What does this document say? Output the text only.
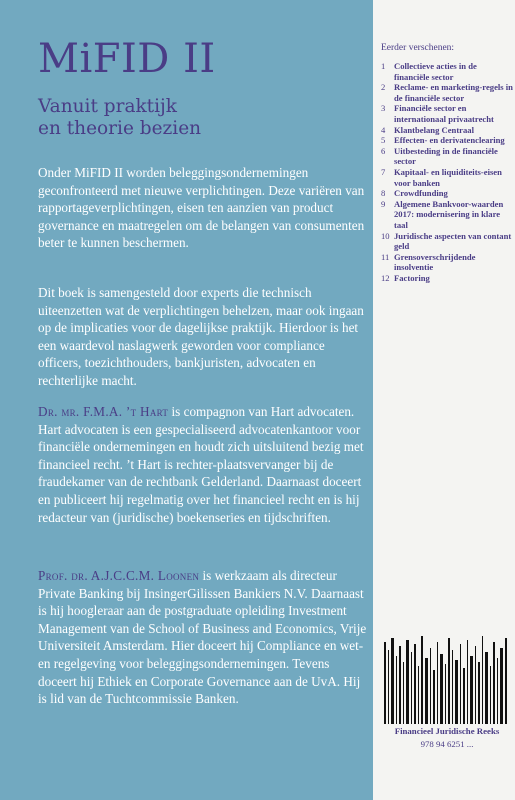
MiFID II
Vanuit praktijk
en theorie bezien

Onder MiFID II worden beleggingsondernemingen geconfronteerd met nieuwe verplichtingen. Deze variëren van rapportageverplichtingen, eisen ten aanzien van product governance en maatregelen om de belangen van consumenten beter te kunnen beschermen.

Dit boek is samengesteld door experts die technisch uiteenzetten wat de verplichtingen behelzen, maar ook ingaan op de implicaties voor de dagelijkse praktijk. Hierdoor is het een waardevol naslagwerk geworden voor compliance officers, toezichthouders, bankjuristen, advocaten en rechterlijke macht.

Dr. mr. F.M.A. ’t Hart is compagnon van Hart advocaten. Hart advocaten is een gespecialiseerd advocatenkantoor voor financiële ondernemingen en houdt zich uitsluitend bezig met financieel recht. ’t Hart is rechter-plaatsvervanger bij de fraudekamer van de rechtbank Gelderland. Daarnaast doceert en publiceert hij regelmatig over het financieel recht en is hij redacteur van (juridische) boekenseries en tijdschriften.

Prof. dr. A.J.C.C.M. Loonen is werkzaam als directeur Private Banking bij InsingerGilissen Bankiers N.V. Daarnaast is hij hoogleraar aan de postgraduate opleiding Investment Management van de School of Business and Economics, Vrije Universiteit Amsterdam. Hier doceert hij Compliance en wet- en regelgeving voor beleggingsondernemingen. Tevens doceert hij Ethiek en Corporate Governance aan de UvA. Hij is lid van de Tuchtcommissie Banken.

Eerder verschenen:
1	Collectieve acties in de financiële sector
2	Reclame- en marketing-regels in de financiële sector
3	Financiële sector en internationaal privaatrecht
4	Klantbelang Centraal
5	Effecten- en derivatenclearing
6	Uitbesteding in de financiële sector
7	Kapitaal- en liquiditeits-eisen voor banken
8	Crowdfunding
9	Algemene Bankvoor-waarden 2017: modernisering in klare taal
10 Juridische aspecten van contant geld
11 Grensoverschrijdende insolventie
12 Factoring
Financieel Juridische Reeks
978 94 6251 ...
